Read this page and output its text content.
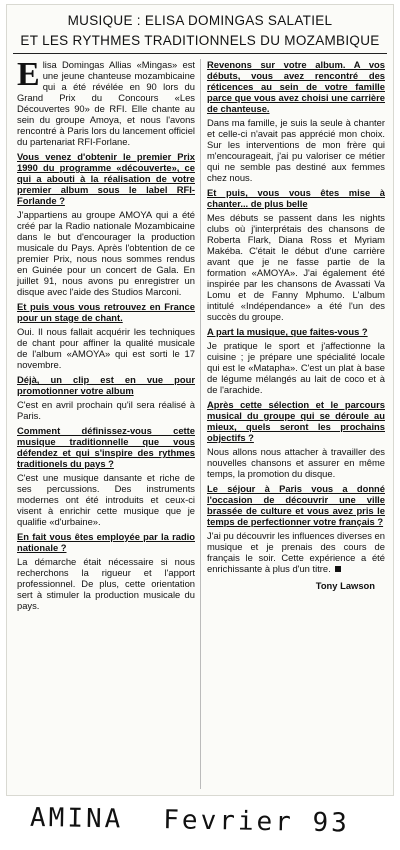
MUSIQUE : ELISA DOMINGAS SALATIEL
ET LES RYTHMES TRADITIONNELS DU MOZAMBIQUE

Elisa Domingas Allias «Mingas» est une jeune chanteuse mozambicaine qui a été révélée en 90 lors du Grand Prix du Concours «Les Découvertes 90» de RFI. Elle chante au sein du groupe Amoya, et nous l'avons rencontré à Paris lors du lancement officiel du partenariat RFI-Forlane.

Vous venez d'obtenir le premier Prix 1990 du programme «découverte», ce qui a abouti à la réalisation de votre premier album sous le label RFI-Forlande ?

J'appartiens au groupe AMOYA qui a été créé par la Radio nationale Mozambicaine dans le but d'encourager la production musicale du Pays. Après l'obtention de ce premier Prix, nous nous sommes rendus en Guinée pour un concert de Gala. En juillet 91, nous avons pu enregistrer un disque avec l'aide des Studios Marconi.

Et puis vous vous retrouvez en France pour un stage de chant.

Oui. Il nous fallait acquérir les techniques de chant pour affiner la qualité musicale de l'album «AMOYA» qui est sorti le 17 novembre.

Déjà, un clip est en vue pour promotionner votre album

C'est en avril prochain qu'il sera réalisé à Paris.

Comment définissez-vous cette musique traditionnelle que vous défendez et qui s'inspire des rythmes traditionels du pays ?

C'est une musique dansante et riche de ses percussions. Des instruments modernes ont été introduits et ceux-ci visent à enrichir cette musique que je qualifie «d'urbaine».

En fait vous êtes employée par la radio nationale ?

La démarche était nécessaire si nous recherchons la rigueur et l'apport professionnel. De plus, cette orientation sert à stimuler la production musicale du pays.

Revenons sur votre album. A vos débuts, vous avez rencontré des réticences au sein de votre famille parce que vous avez choisi une carrière de chanteuse.

Dans ma famille, je suis la seule à chanter et celle-ci n'avait pas apprécié mon choix. Sur les interventions de mon frère qui m'encourageait, j'ai pu valoriser ce métier qui ne semble pas destiné aux femmes chez nous.

Et puis, vous vous êtes mise à chanter... de plus belle

Mes débuts se passent dans les nights clubs où j'interprétais des chansons de Roberta Flark, Diana Ross et Myriam Makéba. C'était le début d'une carrière avant que je ne fasse partie de la formation «AMOYA». J'ai également été inspirée par les chansons de Avassati Va Lomu et de Fanny Mphumo. L'album intitulé «Indépendance» a été l'un des succès du groupe.

A part la musique, que faites-vous ?

Je pratique le sport et j'affectionne la cuisine ; je prépare une spécialité locale qui est le «Matapha». C'est un plat à base de légume mélangés au lait de coco et à de l'arachide.

Après cette sélection et le parcours musical du groupe qui se déroule au mieux, quels seront les prochains objectifs ?

Nous allons nous attacher à travailler des nouvelles chansons et assurer en même temps, la promotion du disque.

Le séjour à Paris vous a donné l'occasion de découvrir une ville brassée de culture et vous avez pris le temps de perfectionner votre français ?

J'ai pu découvrir les influences diverses en musique et je prenais des cours de français le soir. Cette expérience a été enrichissante à plus d'un titre.

Tony Lawson
AMINA Fevrier 93
